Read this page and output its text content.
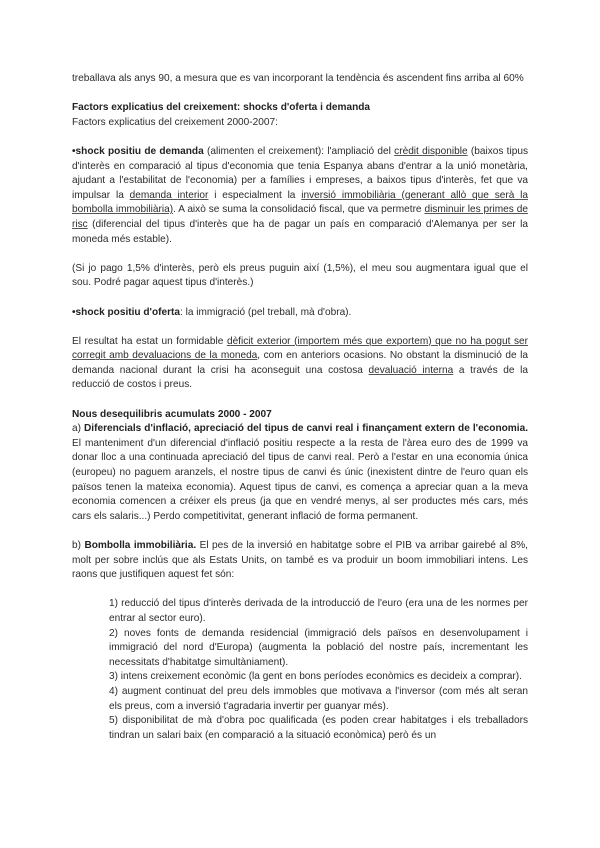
treballava als anys 90, a mesura que es van incorporant la tendència és ascendent fins arriba al 60%

Factors explicatius del creixement: shocks d'oferta i demanda

Factors explicatius del creixement 2000-2007:

•shock positiu de demanda (alimenten el creixement): l'ampliació del crèdit disponible (baixos tipus d'interès en comparació al tipus d'economia que tenia Espanya abans d'entrar a la unió monetària, ajudant a l'estabilitat de l'economia) per a famílies i empreses, a baixos tipus d'interès, fet que va impulsar la demanda interior i especialment la inversió immobiliària (generant allò que serà la bombolla immobiliària). A això se suma la consolidació fiscal, que va permetre disminuir les primes de risc (diferencial del tipus d'interès que ha de pagar un país en comparació d'Alemanya per ser la moneda més estable).

(Si jo pago 1,5% d'interès, però els preus puguin així (1,5%), el meu sou augmentara igual que el sou. Podré pagar aquest tipus d'interès.)

•shock positiu d'oferta: la immigració (pel treball, mà d'obra).

El resultat ha estat un formidable dèficit exterior (importem més que exportem) que no ha pogut ser corregit amb devaluacions de la moneda, com en anteriors ocasions. No obstant la disminució de la demanda nacional durant la crisi ha aconseguit una costosa devaluació interna a través de la reducció de costos i preus.

Nous desequilibris acumulats 2000 - 2007

a) Diferencials d'inflació, apreciació del tipus de canvi real i finançament extern de l'economia. El manteniment d'un diferencial d'inflació positiu respecte a la resta de l'àrea euro des de 1999 va donar lloc a una continuada apreciació del tipus de canvi real. Però a l'estar en una economia única (europeu) no paguem aranzels, el nostre tipus de canvi és únic (inexistent dintre de l'euro quan els països tenen la mateixa economia). Aquest tipus de canvi, es comença a apreciar quan a la meva economia comencen a créixer els preus (ja que en vendré menys, al ser productes més cars, més cars els salaris...) Perdo competitivitat, generant inflació de forma permanent.

b) Bombolla immobiliària. El pes de la inversió en habitatge sobre el PIB va arribar gairebé al 8%, molt per sobre inclús que als Estats Units, on també es va produir un boom immobiliari intens. Les raons que justifiquen aquest fet són:

1) reducció del tipus d'interès derivada de la introducció de l'euro (era una de les normes per entrar al sector euro).

2) noves fonts de demanda residencial (immigració dels països en desenvolupament i immigració del nord d'Europa) (augmenta la població del nostre país, incrementant les necessitats d'habitatge simultàniament).

3) intens creixement econòmic (la gent en bons períodes econòmics es decideix a comprar).

4) augment continuat del preu dels immobles que motivava a l'inversor (com més alt seran els preus, com a inversió t'agradaria invertir per guanyar més).

5) disponibilitat de mà d'obra poc qualificada (es poden crear habitatges i els treballadors tindran un salari baix (en comparació a la situació econòmica) però és un
